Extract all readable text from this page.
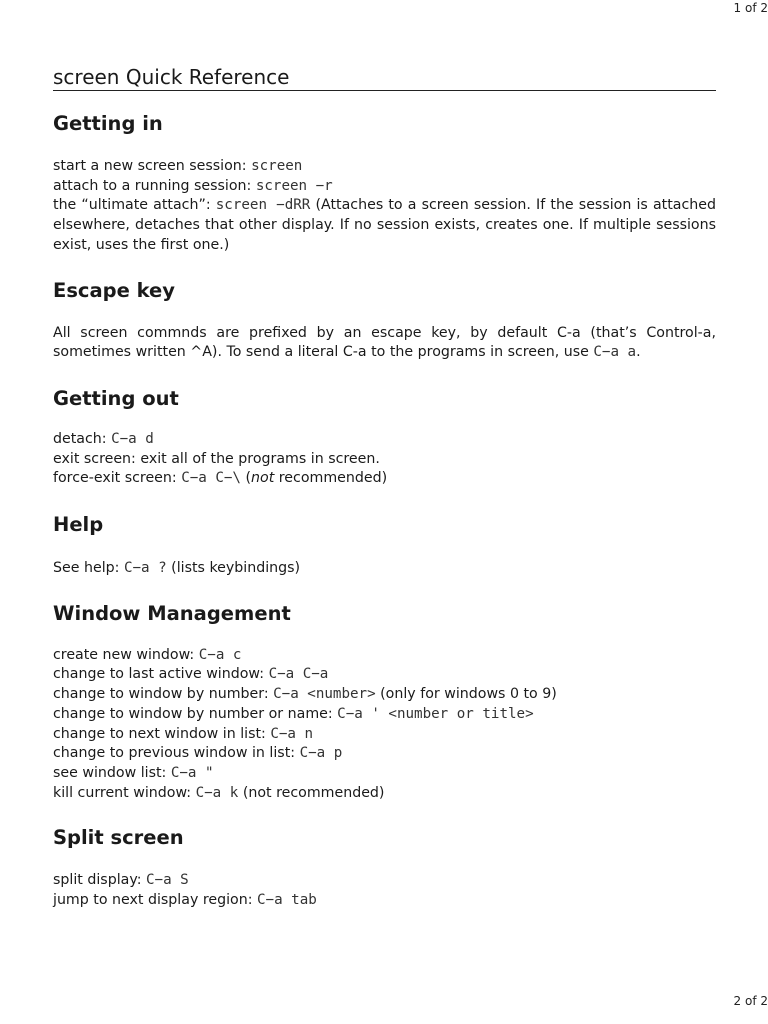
1 of 2
screen Quick Reference
Getting in
start a new screen session: screen
attach to a running session: screen −r
the “ultimate attach”: screen −dRR (Attaches to a screen session. If the session is attached elsewhere, detaches that other display. If no session exists, creates one. If multiple sessions exist, uses the first one.)
Escape key
All screen commnds are prefixed by an escape key, by default C-a (that’s Control-a, sometimes written ^A). To send a literal C-a to the programs in screen, use C−a a.
Getting out
detach: C−a d
exit screen: exit all of the programs in screen.
force-exit screen: C−a C−\ (not recommended)
Help
See help: C−a ? (lists keybindings)
Window Management
create new window: C−a c
change to last active window: C−a C−a
change to window by number: C−a <number> (only for windows 0 to 9)
change to window by number or name: C−a ' <number or title>
change to next window in list: C−a n
change to previous window in list: C−a p
see window list: C−a "
kill current window: C−a k (not recommended)
Split screen
split display: C−a S
jump to next display region: C−a tab
2 of 2
